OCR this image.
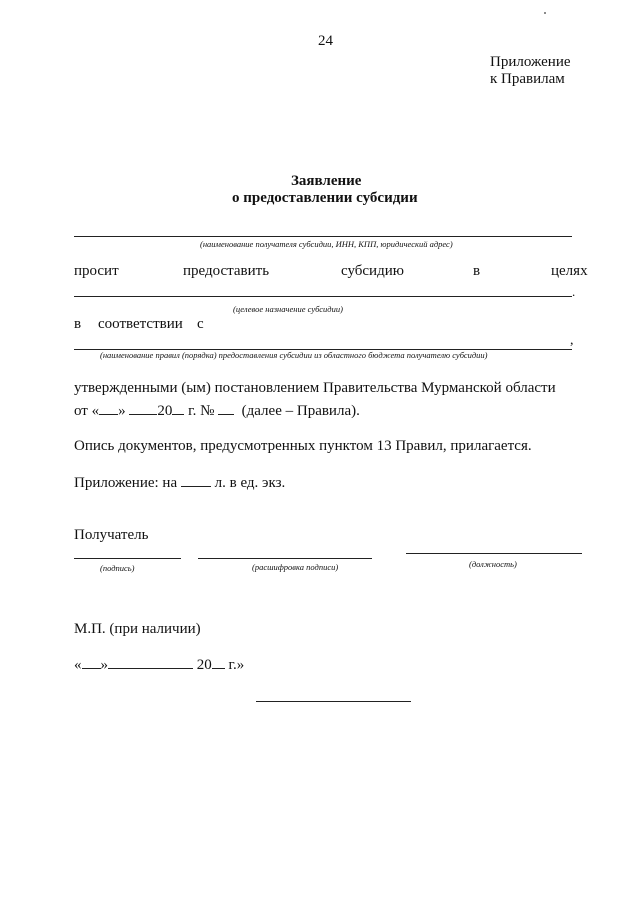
24
Приложение
к Правилам
Заявление
о предоставлении субсидии
(наименование получателя субсидии, ИНН, КПП, юридический адрес)
просит	предоставить	субсидию	в	целях
.
(целевое назначение субсидии)
в соответствии с
,
(наименование правил (порядка) предоставления субсидии из областного бюджета получателю субсидии)
утвержденными (ым) постановлением Правительства Мурманской области
от « » 20 г. № (далее – Правила).
Опись документов, предусмотренных пунктом 13 Правил, прилагается.
Приложение: на	л. в ед. экз.
Получатель
(подпись)	(расшифровка подписи)	(должность)
М.П. (при наличии)
« »	20 г.»
